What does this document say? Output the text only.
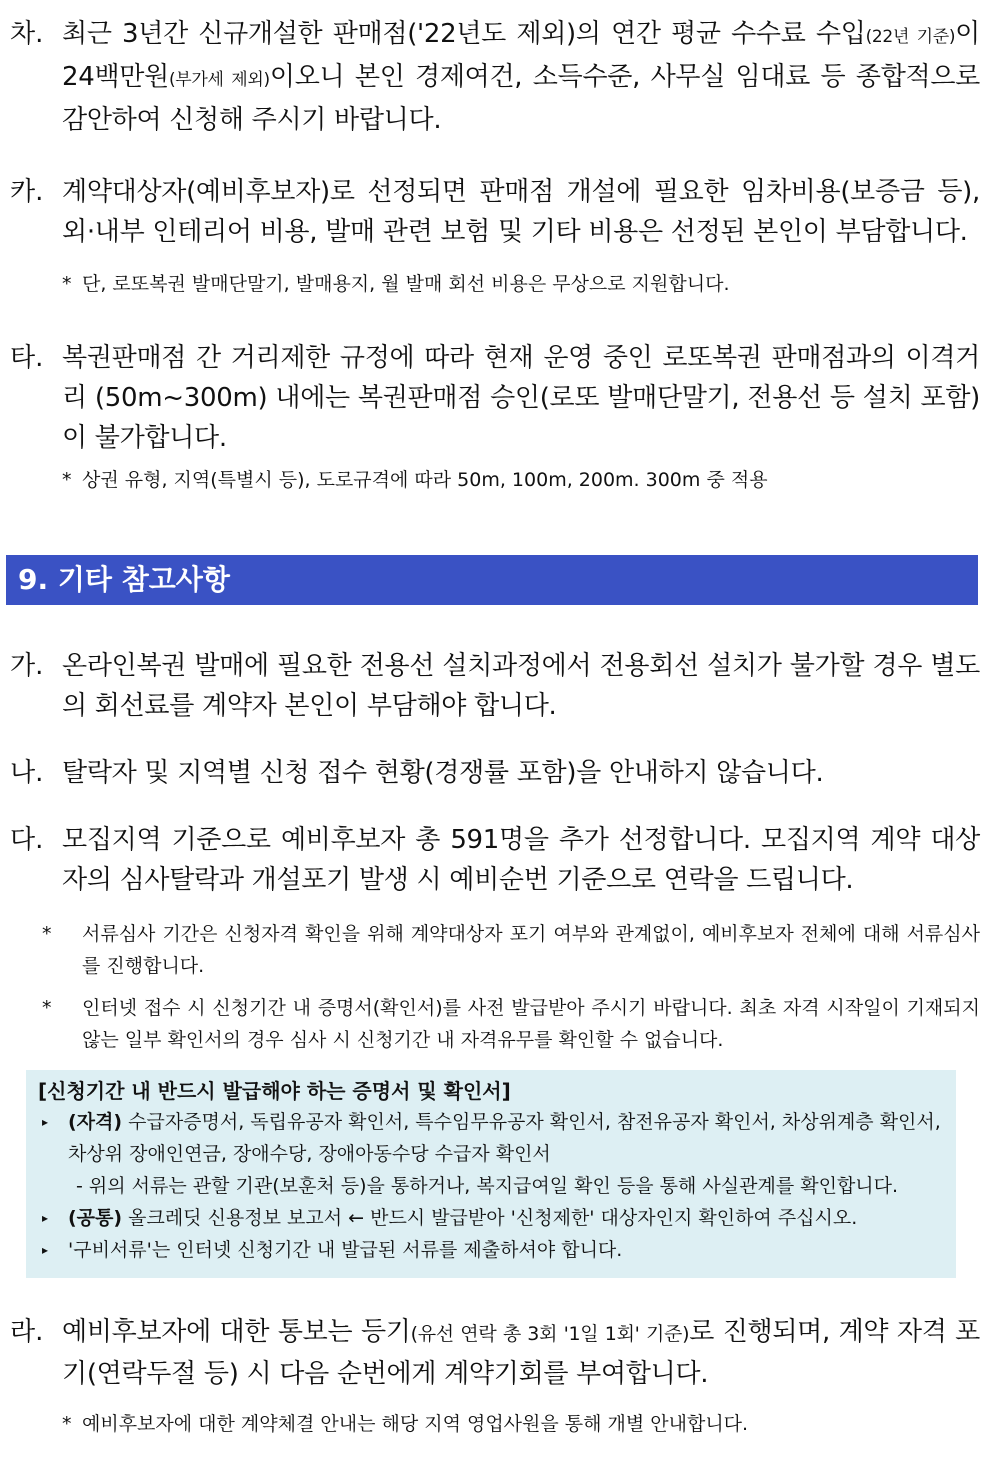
차. 최근 3년간 신규개설한 판매점('22년도 제외)의 연간 평균 수수료 수입(22년 기준)이 24백만원(부가세 제외)이오니 본인 경제여건, 소득수준, 사무실 임대료 등 종합적으로 감안하여 신청해 주시기 바랍니다.

카. 계약대상자(예비후보자)로 선정되면 판매점 개설에 필요한 임차비용(보증금 등), 외·내부 인테리어 비용, 발매 관련 보험 및 기타 비용은 선정된 본인이 부담합니다.

* 단, 로또복권 발매단말기, 발매용지, 월 발매 회선 비용은 무상으로 지원합니다.
타. 복권판매점 간 거리제한 규정에 따라 현재 운영 중인 로또복권 판매점과의 이격거리 (50m~300m) 내에는 복권판매점 승인(로또 발매단말기, 전용선 등 설치 포함)이 불가합니다.

* 상권 유형, 지역(특별시 등), 도로규격에 따라 50m, 100m, 200m. 300m 중 적용
9. 기타 참고사항
가. 온라인복권 발매에 필요한 전용선 설치과정에서 전용회선 설치가 불가할 경우 별도의 회선료를 계약자 본인이 부담해야 합니다.

나. 탈락자 및 지역별 신청 접수 현황(경쟁률 포함)을 안내하지 않습니다.

다. 모집지역 기준으로 예비후보자 총 591명을 추가 선정합니다. 모집지역 계약 대상자의 심사탈락과 개설포기 발생 시 예비순번 기준으로 연락을 드립니다.

* 서류심사 기간은 신청자격 확인을 위해 계약대상자 포기 여부와 관계없이, 예비후보자 전체에 대해 서류심사를 진행합니다.
* 인터넷 접수 시 신청기간 내 증명서(확인서)를 사전 발급받아 주시기 바랍니다. 최초 자격 시작일이 기재되지 않는 일부 확인서의 경우 심사 시 신청기간 내 자격유무를 확인할 수 없습니다.
[신청기간 내 반드시 발급해야 하는 증명서 및 확인서]
▸ (자격) 수급자증명서, 독립유공자 확인서, 특수임무유공자 확인서, 참전유공자 확인서, 차상위계층 확인서, 차상위 장애인연금, 장애수당, 장애아동수당 수급자 확인서
- 위의 서류는 관할 기관(보훈처 등)을 통하거나, 복지급여일 확인 등을 통해 사실관계를 확인합니다.
▸ (공통) 올크레딧 신용정보 보고서 ← 반드시 발급받아 '신청제한' 대상자인지 확인하여 주십시오.
▸ '구비서류'는 인터넷 신청기간 내 발급된 서류를 제출하셔야 합니다.
라. 예비후보자에 대한 통보는 등기(유선 연락 총 3회 '1일 1회' 기준)로 진행되며, 계약 자격 포기(연락두절 등) 시 다음 순번에게 계약기회를 부여합니다.

* 예비후보자에 대한 계약체결 안내는 해당 지역 영업사원을 통해 개별 안내합니다.
